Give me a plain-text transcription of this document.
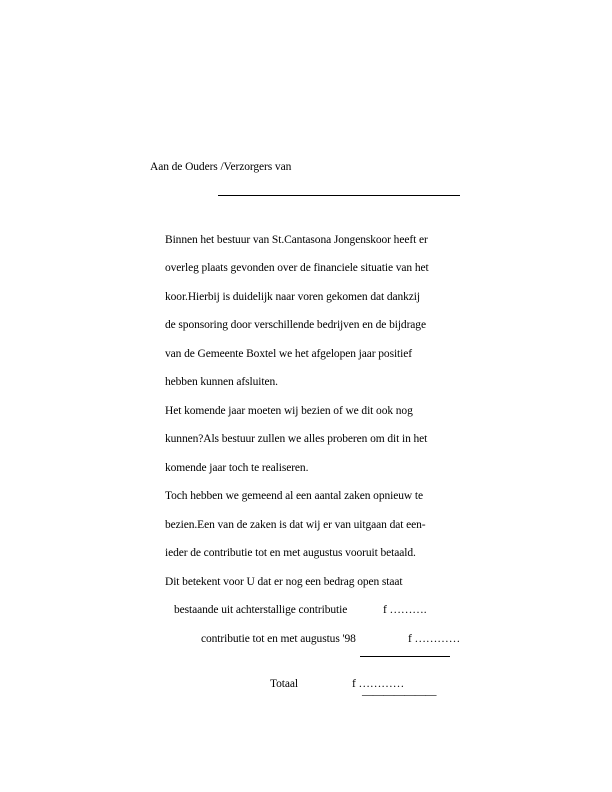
Aan de Ouders /Verzorgers van
Binnen het bestuur van St.Cantasona Jongenskoor heeft er
overleg plaats gevonden over de financiele situatie van het
koor.Hierbij is duidelijk naar voren gekomen dat dankzij
de sponsoring door verschillende bedrijven en de bijdrage
van de Gemeente Boxtel we het afgelopen jaar positief
hebben kunnen afsluiten.
Het komende jaar moeten wij bezien of we dit ook nog
kunnen?Als bestuur zullen we alles proberen om dit in het
komende jaar toch te realiseren.
Toch hebben we gemeend al een aantal zaken opnieuw te
bezien.Een van de zaken is dat wij er van uitgaan dat een-
ieder de contributie tot en met augustus vooruit betaald.
Dit betekent voor U dat er nog een bedrag open staat
bestaande uit achterstallige contributie	f ……….
contributie tot en met augustus '98	f …………
Totaal	f …………
———————
